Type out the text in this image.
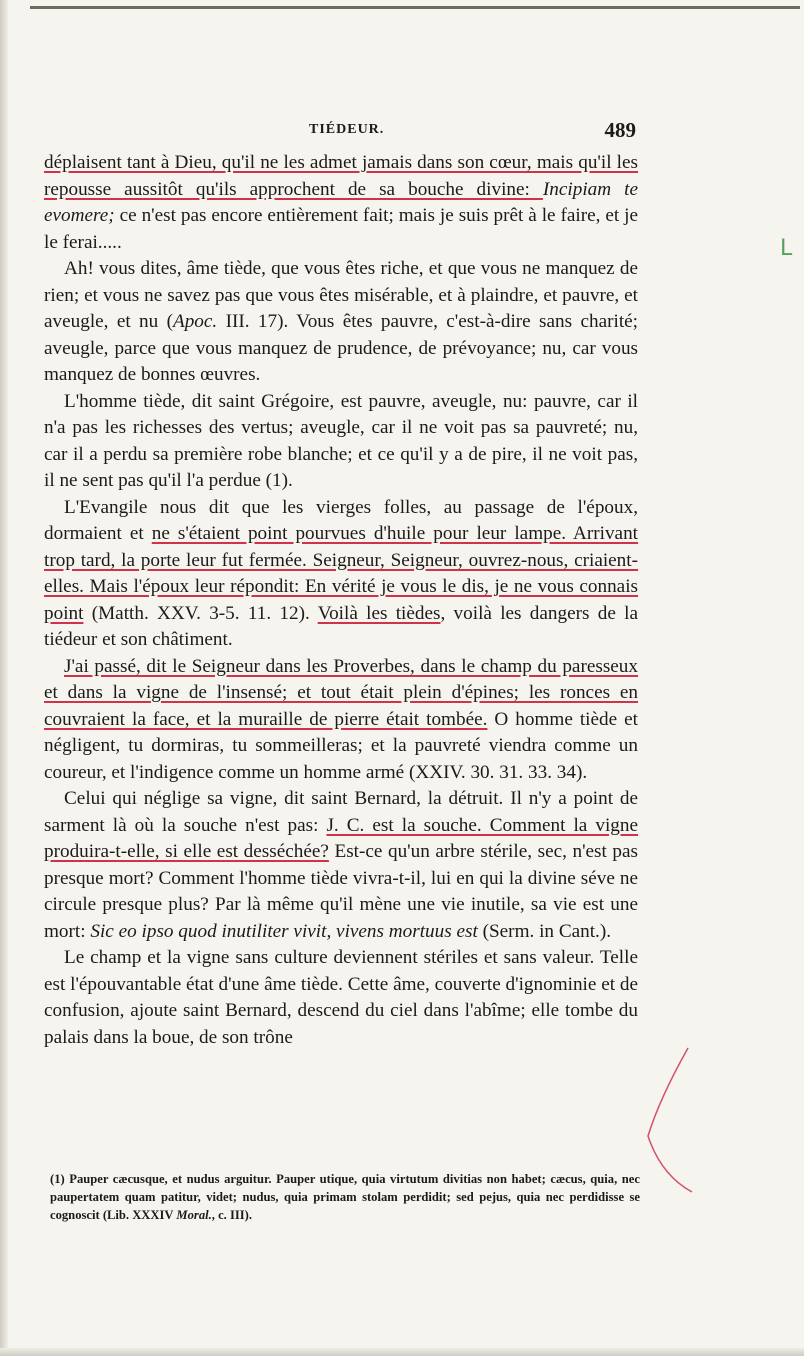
TIÉDEUR.	489

déplaisent tant à Dieu, qu'il ne les admet jamais dans son cœur, mais qu'il les repousse aussitôt qu'ils approchent de sa bouche divine: Incipiam te evomere; ce n'est pas encore entièrement fait; mais je suis prêt à le faire, et je le ferai.....

Ah! vous dites, âme tiède, que vous êtes riche, et que vous ne manquez de rien; et vous ne savez pas que vous êtes misérable, et à plaindre, et pauvre, et aveugle, et nu (Apoc. III. 17). Vous êtes pauvre, c'est-à-dire sans charité; aveugle, parce que vous manquez de prudence, de prévoyance; nu, car vous manquez de bonnes œuvres.

L'homme tiède, dit saint Grégoire, est pauvre, aveugle, nu: pauvre, car il n'a pas les richesses des vertus; aveugle, car il ne voit pas sa pauvreté; nu, car il a perdu sa première robe blanche; et ce qu'il y a de pire, il ne voit pas, il ne sent pas qu'il l'a perdue (1).

L'Evangile nous dit que les vierges folles, au passage de l'époux, dormaient et ne s'étaient point pourvues d'huile pour leur lampe. Arrivant trop tard, la porte leur fut fermée. Seigneur, Seigneur, ouvrez-nous, criaient-elles. Mais l'époux leur répondit: En vérité je vous le dis, je ne vous connais point (Matth. XXV. 3-5. 11. 12). Voilà les tièdes, voilà les dangers de la tiédeur et son châtiment.

J'ai passé, dit le Seigneur dans les Proverbes, dans le champ du paresseux et dans la vigne de l'insensé; et tout était plein d'épines; les ronces en couvraient la face, et la muraille de pierre était tombée. O homme tiède et négligent, tu dormiras, tu sommeilleras; et la pauvreté viendra comme un coureur, et l'indigence comme un homme armé (XXIV. 30. 31. 33. 34).

Celui qui néglige sa vigne, dit saint Bernard, la détruit. Il n'y a point de sarment là où la souche n'est pas: J. C. est la souche. Comment la vigne produira-t-elle, si elle est desséchée? Est-ce qu'un arbre stérile, sec, n'est pas presque mort? Comment l'homme tiède vivra-t-il, lui en qui la divine séve ne circule presque plus? Par là même qu'il mène une vie inutile, sa vie est une mort: Sic eo ipso quod inutiliter vivit, vivens mortuus est (Serm. in Cant.).

Le champ et la vigne sans culture deviennent stériles et sans valeur. Telle est l'épouvantable état d'une âme tiède. Cette âme, couverte d'ignominie et de confusion, ajoute saint Bernard, descend du ciel dans l'abîme; elle tombe du palais dans la boue, de son trône

(1) Pauper cæcusque, et nudus arguitur. Pauper utique, quia virtutum divitias non habet; cæcus, quia, nec paupertatem quam patitur, videt; nudus, quia primam stolam perdidit; sed pejus, quia nec perdidisse se cognoscit (Lib. XXXIV Moral., c. III).

L
